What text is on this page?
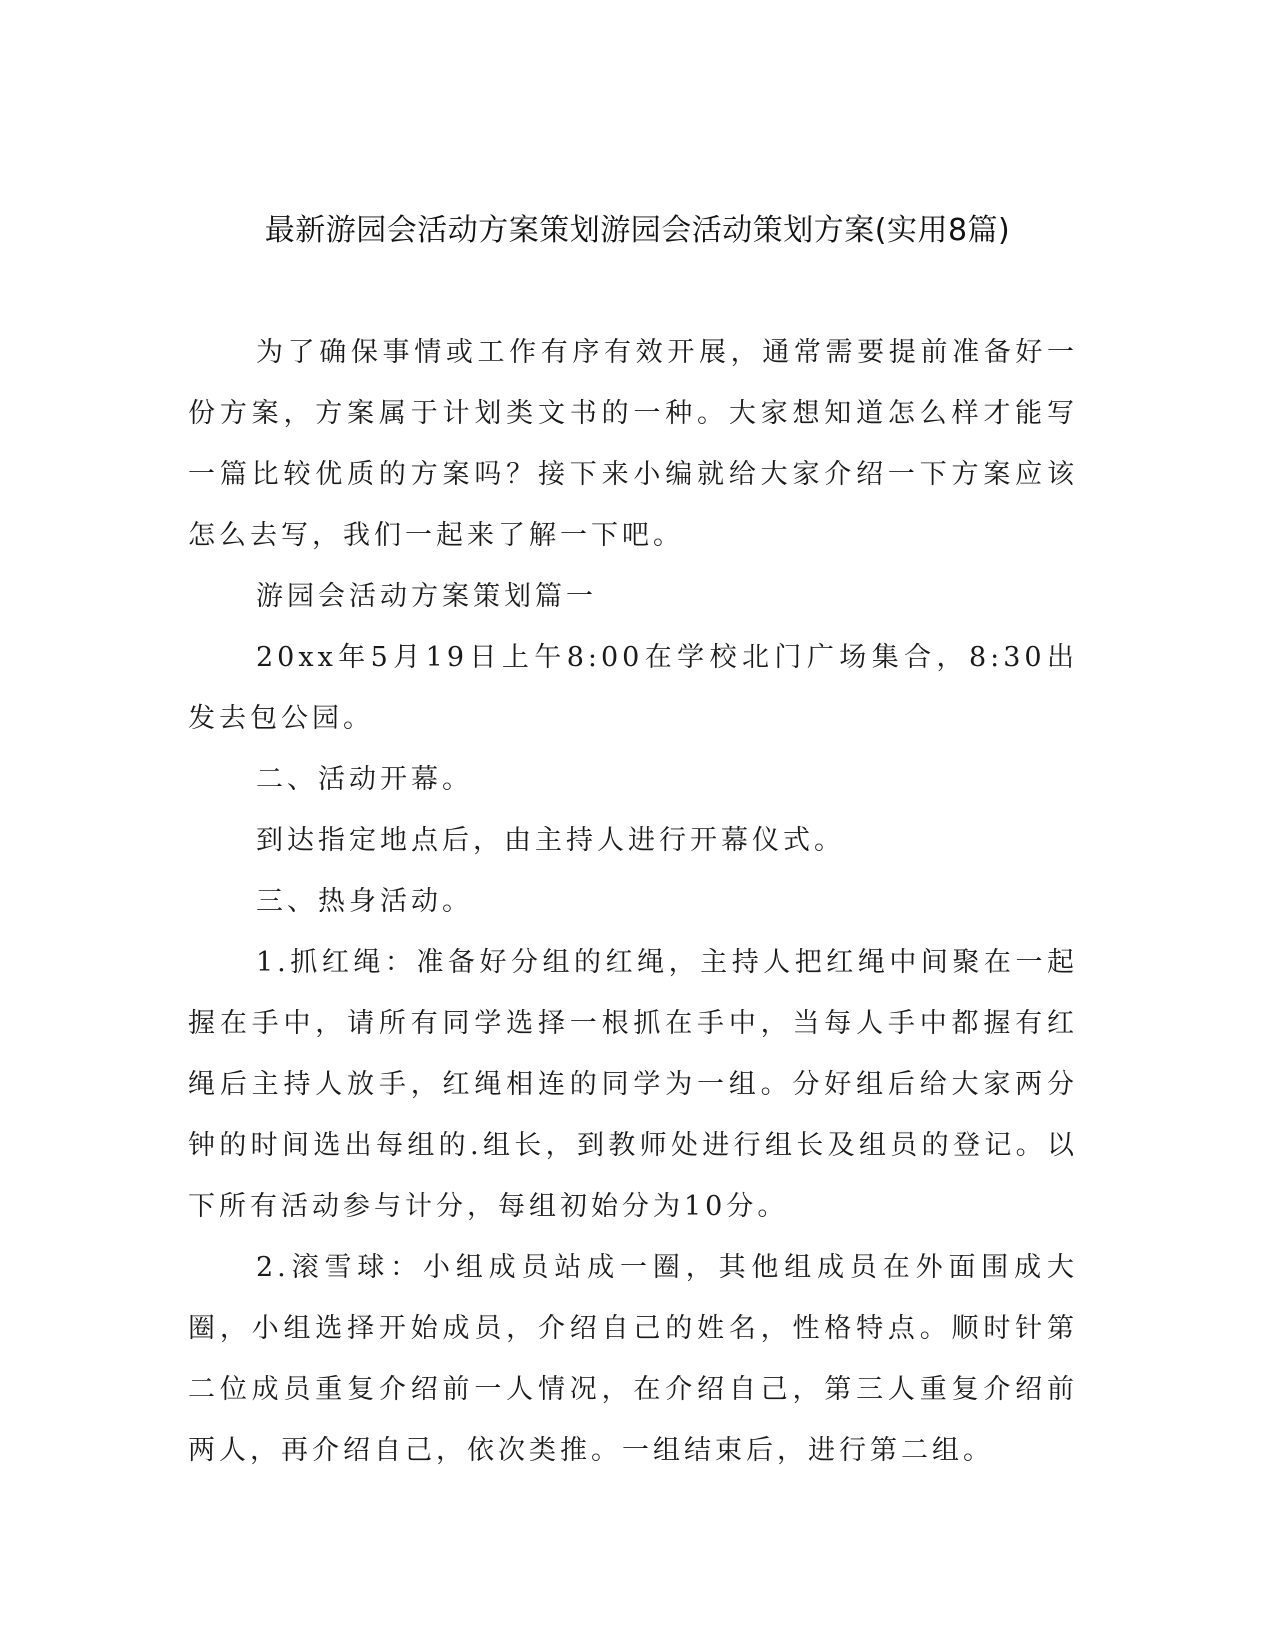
最新游园会活动方案策划游园会活动策划方案(实用8篇)

为了确保事情或工作有序有效开展，通常需要提前准备好一份方案，方案属于计划类文书的一种。大家想知道怎么样才能写一篇比较优质的方案吗？接下来小编就给大家介绍一下方案应该怎么去写，我们一起来了解一下吧。

游园会活动方案策划篇一

20xx年5月19日上午8:00在学校北门广场集合，8:30出发去包公园。

二、活动开幕。

到达指定地点后，由主持人进行开幕仪式。

三、热身活动。

1.抓红绳：准备好分组的红绳，主持人把红绳中间聚在一起握在手中，请所有同学选择一根抓在手中，当每人手中都握有红绳后主持人放手，红绳相连的同学为一组。分好组后给大家两分钟的时间选出每组的.组长，到教师处进行组长及组员的登记。以下所有活动参与计分，每组初始分为10分。

2.滚雪球：小组成员站成一圈，其他组成员在外面围成大圈，小组选择开始成员，介绍自己的姓名，性格特点。顺时针第二位成员重复介绍前一人情况，在介绍自己，第三人重复介绍前两人，再介绍自己，依次类推。一组结束后，进行第二组。
